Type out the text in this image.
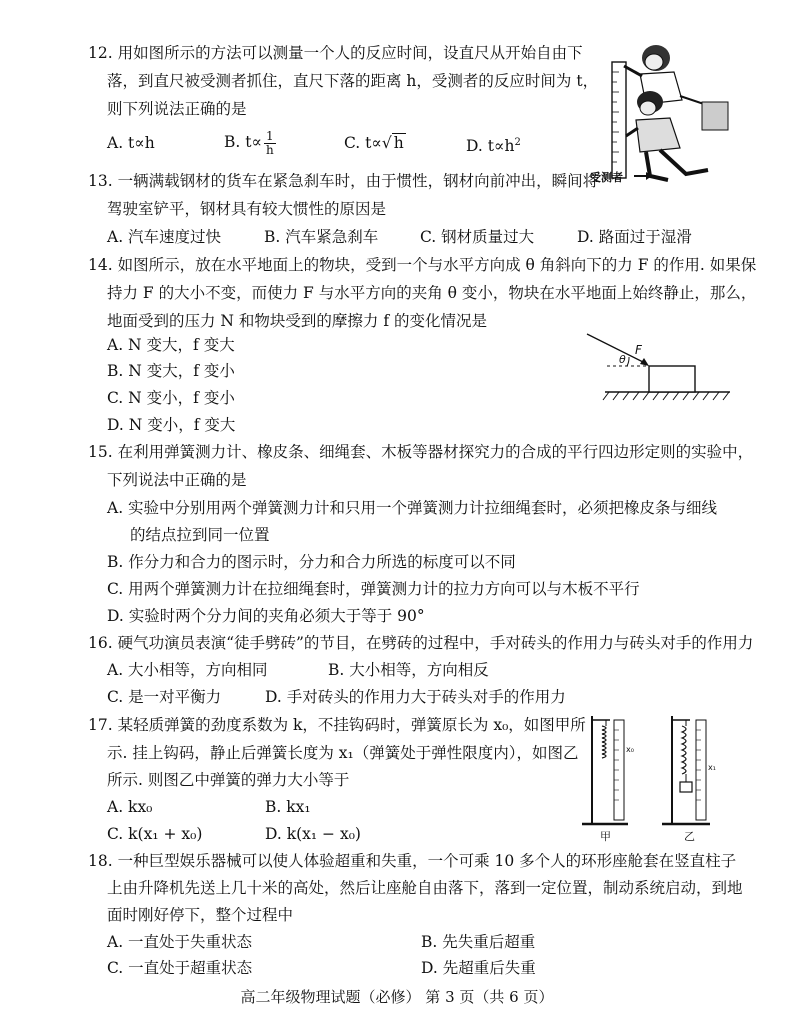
12. 用如图所示的方法可以测量一个人的反应时间，设直尺从开始自由下
落，到直尺被受测者抓住，直尺下落的距离 h，受测者的反应时间为 t，
则下列说法正确的是
A. t∝h	B. $t\propto \frac{1}{h}$	C. t∝√ h	D. $t\propto h^2$
受测者
13. 一辆满载钢材的货车在紧急刹车时，由于惯性，钢材向前冲出，瞬间将
驾驶室铲平，钢材具有较大惯性的原因是
A. 汽车速度过快	B. 汽车紧急刹车	C. 钢材质量过大	D. 路面过于湿滑
14. 如图所示，放在水平地面上的物块，受到一个与水平方向成 θ 角斜向下的力 F 的作用. 如果保
持力 F 的大小不变，而使力 F 与水平方向的夹角 θ 变小，物块在水平地面上始终静止，那么，
地面受到的压力 N 和物块受到的摩擦力 f 的变化情况是
A. N 变大，f 变大
B. N 变大，f 变小
C. N 变小，f 变小
D. N 变小，f 变大
F
θ
15. 在利用弹簧测力计、橡皮条、细绳套、木板等器材探究力的合成的平行四边形定则的实验中，
下列说法中正确的是
A. 实验中分别用两个弹簧测力计和只用一个弹簧测力计拉细绳套时，必须把橡皮条与细线
的结点拉到同一位置
B. 作分力和合力的图示时，分力和合力所选的标度可以不同
C. 用两个弹簧测力计在拉细绳套时，弹簧测力计的拉力方向可以与木板不平行
D. 实验时两个分力间的夹角必须大于等于 90°
16. 硬气功演员表演“徒手劈砖”的节目，在劈砖的过程中，手对砖头的作用力与砖头对手的作用力
A. 大小相等，方向相同	B. 大小相等，方向相反
C. 是一对平衡力	D. 手对砖头的作用力大于砖头对手的作用力
17. 某轻质弹簧的劲度系数为 k，不挂钩码时，弹簧原长为 x₀，如图甲所
示. 挂上钩码，静止后弹簧长度为 x₁（弹簧处于弹性限度内），如图乙
所示. 则图乙中弹簧的弹力大小等于
A. kx₀	B. kx₁
C. k(x₁ + x₀)	D. k(x₁ − x₀)
x₀
甲
x₁
乙
18. 一种巨型娱乐器械可以使人体验超重和失重，一个可乘 10 多个人的环形座舱套在竖直柱子
上由升降机先送上几十米的高处，然后让座舱自由落下，落到一定位置，制动系统启动，到地
面时刚好停下，整个过程中
A. 一直处于失重状态	B. 先失重后超重
C. 一直处于超重状态	D. 先超重后失重
高二年级物理试题（必修） 第 3 页（共 6 页）
